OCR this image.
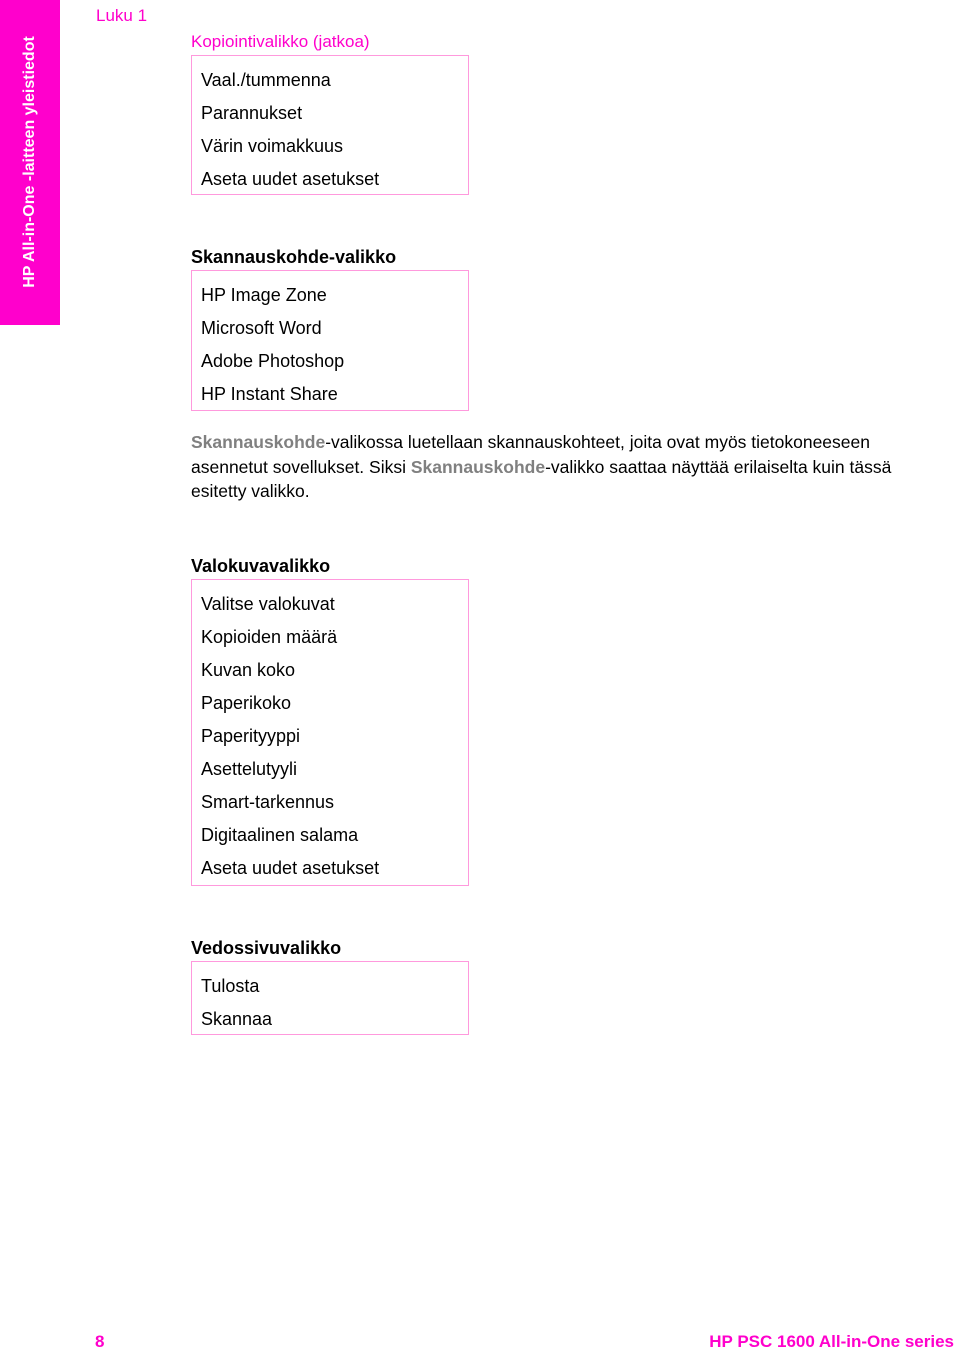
HP All-in-One -laitteen yleistiedot
Luku 1
Kopiointivalikko (jatkoa)
Vaal./tummenna
Parannukset
Värin voimakkuus
Aseta uudet asetukset
Skannauskohde-valikko
HP Image Zone
Microsoft Word
Adobe Photoshop
HP Instant Share
Skannauskohde-valikossa luetellaan skannauskohteet, joita ovat myös tietokoneeseen asennetut sovellukset. Siksi Skannauskohde-valikko saattaa näyttää erilaiselta kuin tässä esitetty valikko.
Valokuvavalikko
Valitse valokuvat
Kopioiden määrä
Kuvan koko
Paperikoko
Paperityyppi
Asettelutyyli
Smart-tarkennus
Digitaalinen salama
Aseta uudet asetukset
Vedossivuvalikko
Tulosta
Skannaa
8	HP PSC 1600 All-in-One series
